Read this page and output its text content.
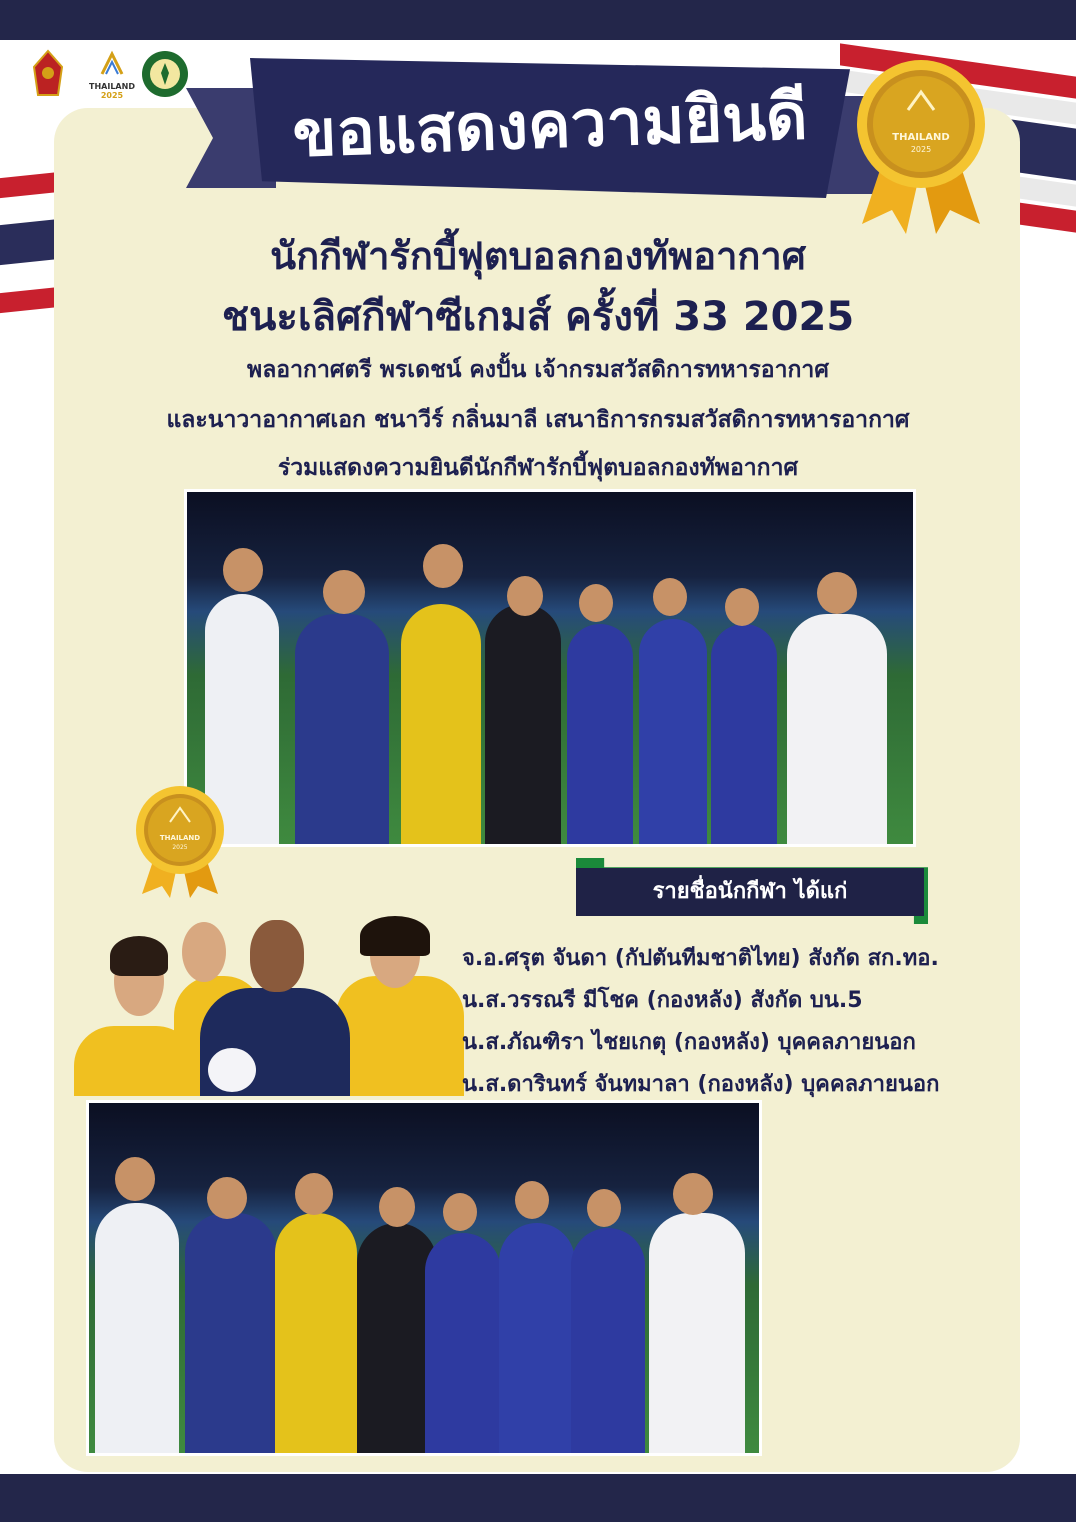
THAILAND
2025	ขอแสดงความยินดี	THAILAND
2025
นักกีฬารักบี้ฟุตบอลกองทัพอากาศ
ชนะเลิศกีฬาซีเกมส์ ครั้งที่ 33 2025
พลอากาศตรี พรเดชน์ คงปั้น เจ้ากรมสวัสดิการทหารอากาศ
และนาวาอากาศเอก ชนาวีร์ กลิ่นมาลี เสนาธิการกรมสวัสดิการทหารอากาศ
ร่วมแสดงความยินดีนักกีฬารักบี้ฟุตบอลกองทัพอากาศ
THAILAND
2025
รายชื่อนักกีฬา ได้แก่
จ.อ.ศรุต จันดา (กัปตันทีมชาติไทย) สังกัด สก.ทอ.
น.ส.วรรณรี มีโชค (กองหลัง) สังกัด บน.5
น.ส.ภัณฑิรา ไชยเกตุ (กองหลัง) บุคคลภายนอก
น.ส.ดารินทร์ จันทมาลา (กองหลัง) บุคคลภายนอก
